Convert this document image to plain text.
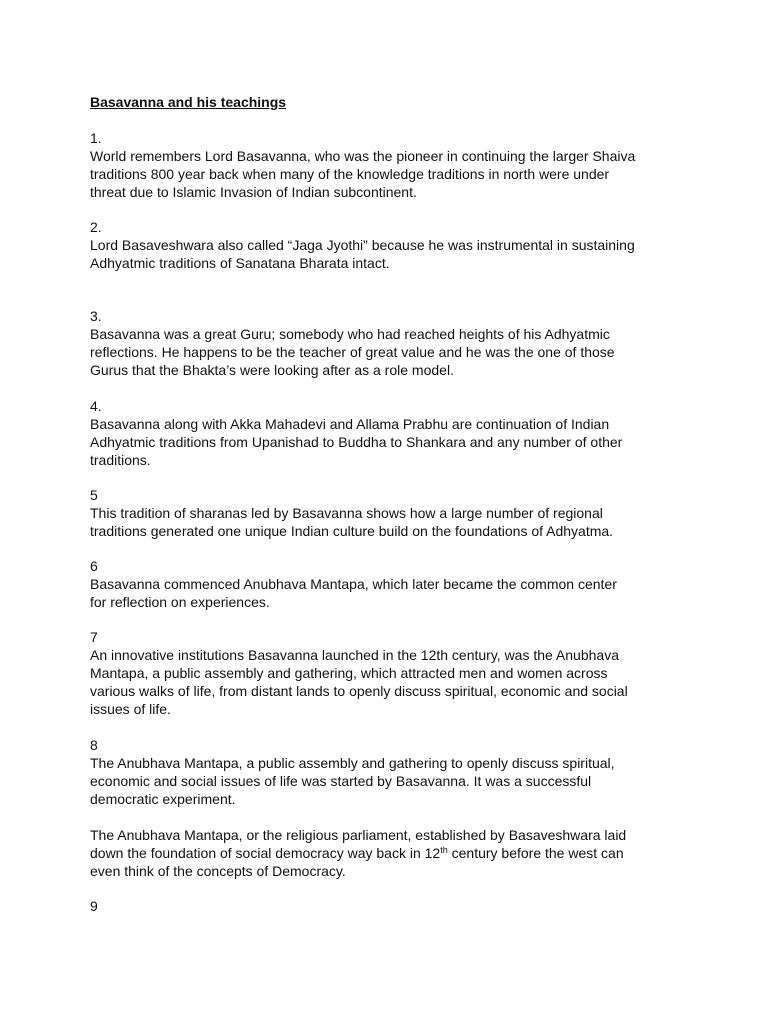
Basavanna and his teachings
1.
World remembers Lord Basavanna, who was the pioneer in continuing the larger Shaiva
traditions 800 year back when many of the knowledge traditions in north were under
threat due to Islamic Invasion of Indian subcontinent.
2.
Lord Basaveshwara also called “Jaga Jyothi” because he was instrumental in sustaining
Adhyatmic traditions of Sanatana Bharata intact.
3.
Basavanna was a great Guru; somebody who had reached heights of his Adhyatmic
reflections. He happens to be the teacher of great value and he was the one of those
Gurus that the Bhakta’s were looking after as a role model.
4.
Basavanna along with Akka Mahadevi and Allama Prabhu are continuation of Indian
Adhyatmic traditions from Upanishad to Buddha to Shankara and any number of other
traditions.
5
This tradition of sharanas led by Basavanna shows how a large number of regional
traditions generated one unique Indian culture build on the foundations of Adhyatma.
6
Basavanna commenced Anubhava Mantapa, which later became the common center
for reflection on experiences.
7
An innovative institutions Basavanna launched in the 12th century, was the Anubhava
Mantapa, a public assembly and gathering, which attracted men and women across
various walks of life, from distant lands to openly discuss spiritual, economic and social
issues of life.
8
The Anubhava Mantapa, a public assembly and gathering to openly discuss spiritual,
economic and social issues of life was started by Basavanna. It was a successful
democratic experiment.
The Anubhava Mantapa, or the religious parliament, established by Basaveshwara laid
down the foundation of social democracy way back in 12th century before the west can
even think of the concepts of Democracy.
9
